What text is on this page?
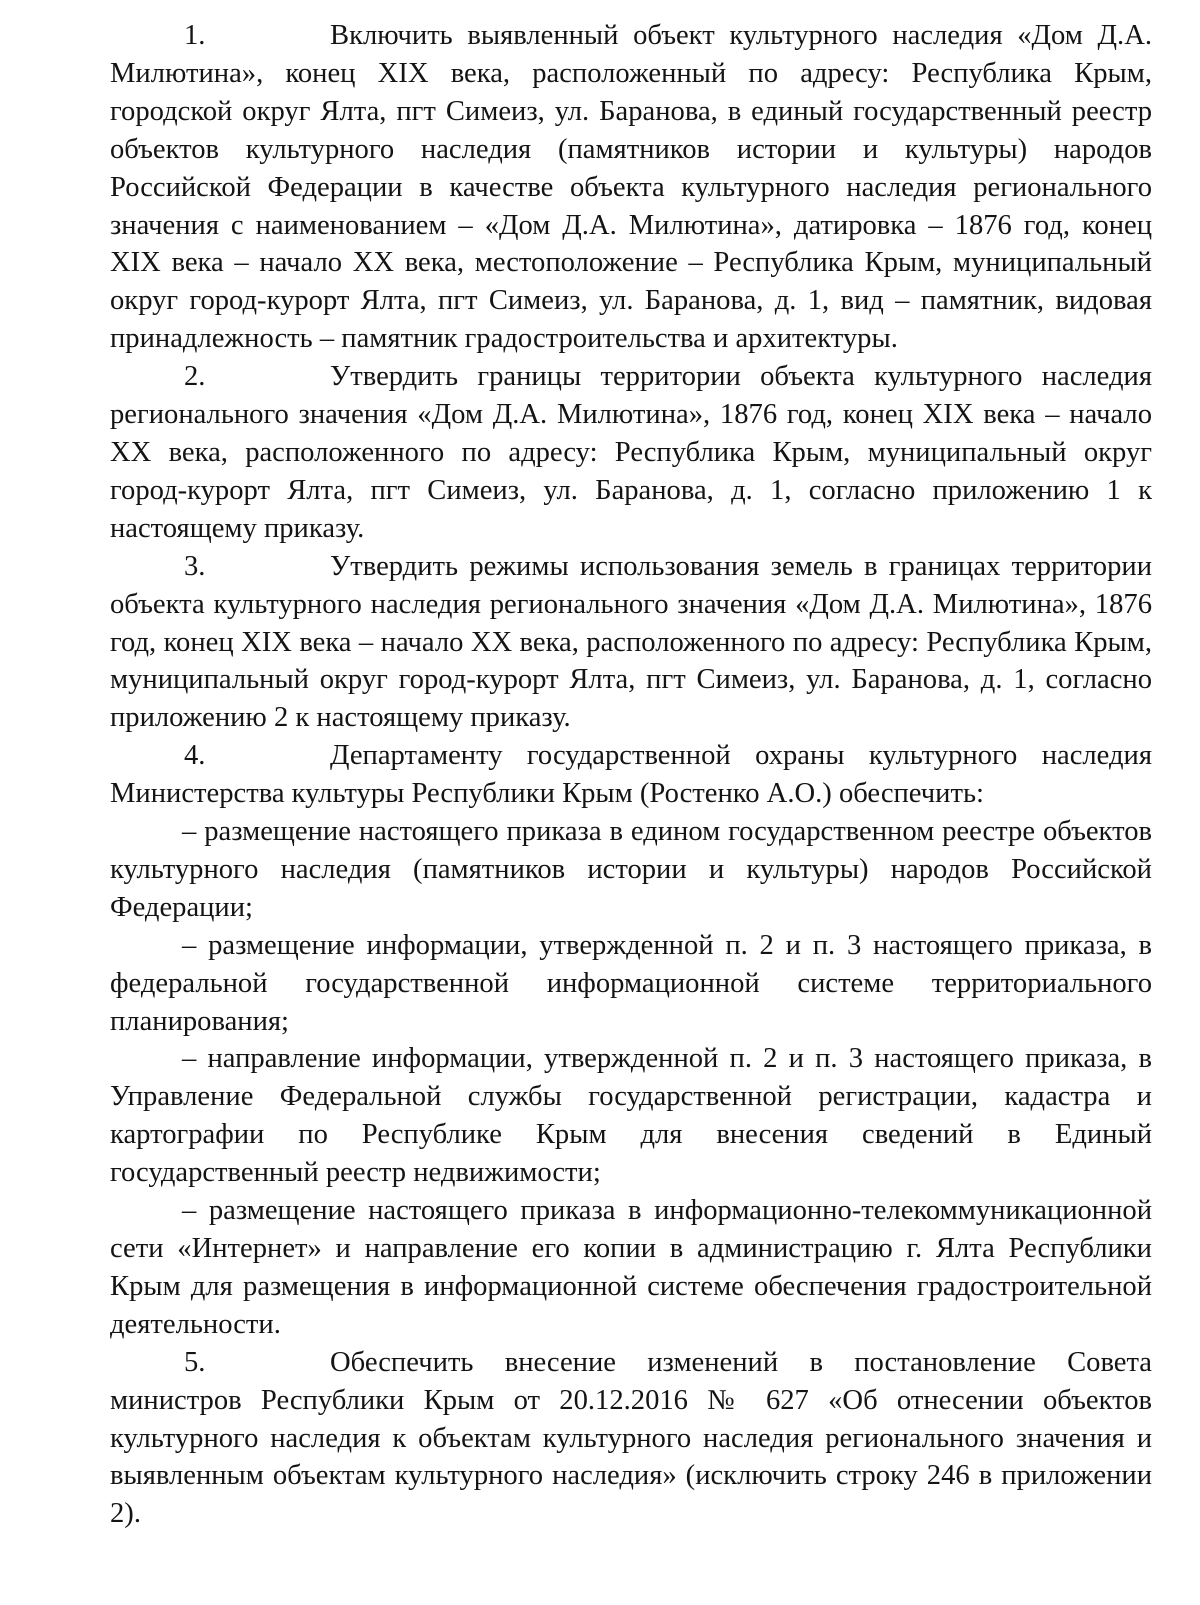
1.	Включить выявленный объект культурного наследия «Дом Д.А. Милютина», конец XIX века, расположенный по адресу: Республика Крым, городской округ Ялта, пгт Симеиз, ул. Баранова, в единый государственный реестр объектов культурного наследия (памятников истории и культуры) народов Российской Федерации в качестве объекта культурного наследия регионального значения с наименованием – «Дом Д.А. Милютина», датировка – 1876 год, конец XIX века – начало XX века, местоположение – Республика Крым, муниципальный округ город-курорт Ялта, пгт Симеиз, ул. Баранова, д. 1, вид – памятник, видовая принадлежность – памятник градостроительства и архитектуры.

2.	Утвердить границы территории объекта культурного наследия регионального значения «Дом Д.А. Милютина», 1876 год, конец XIX века – начало XX века, расположенного по адресу: Республика Крым, муниципальный округ город-курорт Ялта, пгт Симеиз, ул. Баранова, д. 1, согласно приложению 1 к настоящему приказу.

3.	Утвердить режимы использования земель в границах территории объекта культурного наследия регионального значения «Дом Д.А. Милютина», 1876 год, конец XIX века – начало XX века, расположенного по адресу: Республика Крым, муниципальный округ город-курорт Ялта, пгт Симеиз, ул. Баранова, д. 1, согласно приложению 2 к настоящему приказу.

4.	Департаменту государственной охраны культурного наследия Министерства культуры Республики Крым (Ростенко А.О.) обеспечить:

– размещение настоящего приказа в едином государственном реестре объектов культурного наследия (памятников истории и культуры) народов Российской Федерации;

– размещение информации, утвержденной п. 2 и п. 3 настоящего приказа, в федеральной государственной информационной системе территориального планирования;

– направление информации, утвержденной п. 2 и п. 3 настоящего приказа, в Управление Федеральной службы государственной регистрации, кадастра и картографии по Республике Крым для внесения сведений в Единый государственный реестр недвижимости;

– размещение настоящего приказа в информационно-телекоммуникационной сети «Интернет» и направление его копии в администрацию г. Ялта Республики Крым для размещения в информационной системе обеспечения градостроительной деятельности.

5.	Обеспечить внесение изменений в постановление Совета министров Республики Крым от 20.12.2016 № 627 «Об отнесении объектов культурного наследия к объектам культурного наследия регионального значения и выявленным объектам культурного наследия» (исключить строку 246 в приложении 2).
